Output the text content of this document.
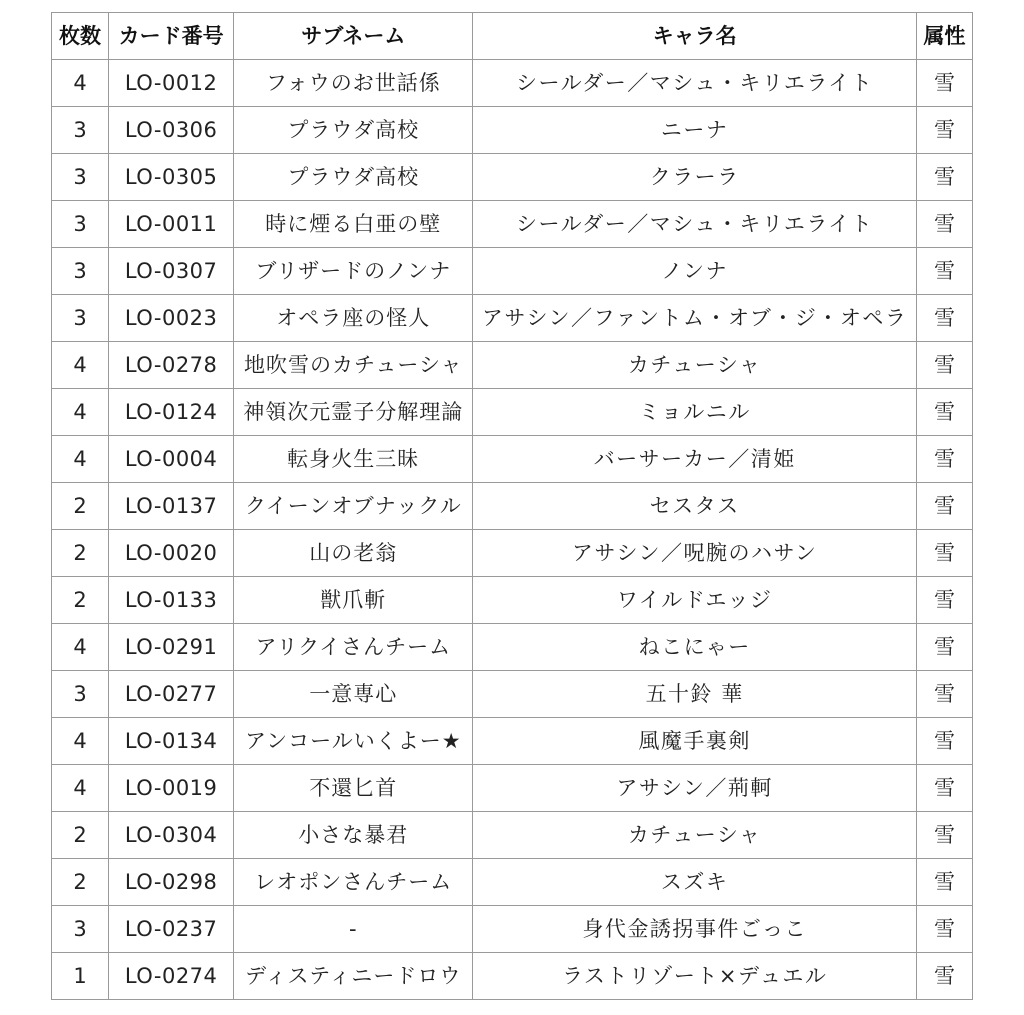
枚数	カード番号	サブネーム	キャラ名	属性
4	LO-0012	フォウのお世話係	シールダー／マシュ・キリエライト	雪
3	LO-0306	プラウダ高校	ニーナ	雪
3	LO-0305	プラウダ高校	クラーラ	雪
3	LO-0011	時に煙る白亜の壁	シールダー／マシュ・キリエライト	雪
3	LO-0307	ブリザードのノンナ	ノンナ	雪
3	LO-0023	オペラ座の怪人	アサシン／ファントム・オブ・ジ・オペラ	雪
4	LO-0278	地吹雪のカチューシャ	カチューシャ	雪
4	LO-0124	神領次元霊子分解理論	ミョルニル	雪
4	LO-0004	転身火生三昧	バーサーカー／清姫	雪
2	LO-0137	クイーンオブナックル	セスタス	雪
2	LO-0020	山の老翁	アサシン／呪腕のハサン	雪
2	LO-0133	獣爪斬	ワイルドエッジ	雪
4	LO-0291	アリクイさんチーム	ねこにゃー	雪
3	LO-0277	一意専心	五十鈴 華	雪
4	LO-0134	アンコールいくよー★	風魔手裏剣	雪
4	LO-0019	不還匕首	アサシン／荊軻	雪
2	LO-0304	小さな暴君	カチューシャ	雪
2	LO-0298	レオポンさんチーム	スズキ	雪
3	LO-0237	-	身代金誘拐事件ごっこ	雪
1	LO-0274	ディスティニードロウ	ラストリゾート×デュエル	雪
